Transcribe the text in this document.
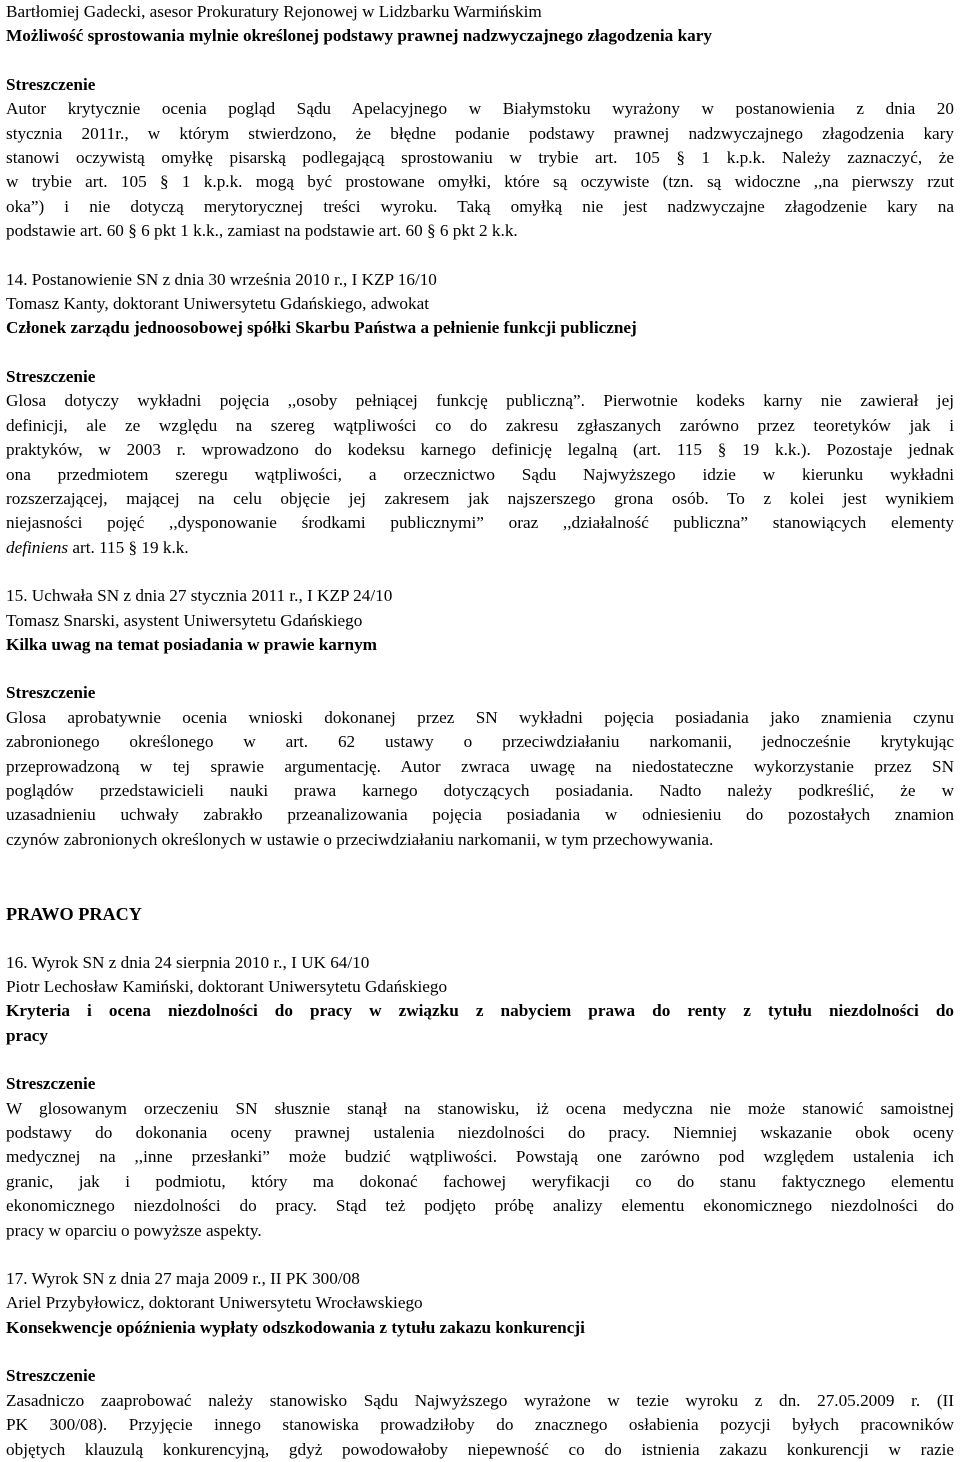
Bartłomiej Gadecki, asesor Prokuratury Rejonowej w Lidzbarku Warmińskim

Możliwość sprostowania mylnie określonej podstawy prawnej nadzwyczajnego złagodzenia kary

Streszczenie

Autor krytycznie ocenia pogląd Sądu Apelacyjnego w Białymstoku wyrażony w postanowienia z dnia 20

stycznia 2011r., w którym stwierdzono, że błędne podanie podstawy prawnej nadzwyczajnego złagodzenia kary

stanowi oczywistą omyłkę pisarską podlegającą sprostowaniu w trybie art. 105 § 1 k.p.k. Należy zaznaczyć, że

w trybie art. 105 § 1 k.p.k. mogą być prostowane omyłki, które są oczywiste (tzn. są widoczne ,,na pierwszy rzut

oka”) i nie dotyczą merytorycznej treści wyroku. Taką omyłką nie jest nadzwyczajne złagodzenie kary na

podstawie art. 60 § 6 pkt 1 k.k., zamiast na podstawie art. 60 § 6 pkt 2 k.k.

14. Postanowienie SN z dnia 30 września 2010 r., I KZP 16/10

Tomasz Kanty, doktorant Uniwersytetu Gdańskiego, adwokat

Członek zarządu jednoosobowej spółki Skarbu Państwa a pełnienie funkcji publicznej

Streszczenie

Glosa dotyczy wykładni pojęcia ,,osoby pełniącej funkcję publiczną”. Pierwotnie kodeks karny nie zawierał jej

definicji, ale ze względu na szereg wątpliwości co do zakresu zgłaszanych zarówno przez teoretyków jak i

praktyków, w 2003 r. wprowadzono do kodeksu karnego definicję legalną (art. 115 § 19 k.k.). Pozostaje jednak

ona przedmiotem szeregu wątpliwości, a orzecznictwo Sądu Najwyższego idzie w kierunku wykładni

rozszerzającej, mającej na celu objęcie jej zakresem jak najszerszego grona osób. To z kolei jest wynikiem

niejasności pojęć ,,dysponowanie środkami publicznymi” oraz ,,działalność publiczna” stanowiących elementy

definiens art. 115 § 19 k.k.

15. Uchwała SN z dnia 27 stycznia 2011 r., I KZP 24/10

Tomasz Snarski, asystent Uniwersytetu Gdańskiego

Kilka uwag na temat posiadania w prawie karnym

Streszczenie

Glosa aprobatywnie ocenia wnioski dokonanej przez SN wykładni pojęcia posiadania jako znamienia czynu

zabronionego określonego w art. 62 ustawy o przeciwdziałaniu narkomanii, jednocześnie krytykując

przeprowadzoną w tej sprawie argumentację. Autor zwraca uwagę na niedostateczne wykorzystanie przez SN

poglądów przedstawicieli nauki prawa karnego dotyczących posiadania. Nadto należy podkreślić, że w

uzasadnieniu uchwały zabrakło przeanalizowania pojęcia posiadania w odniesieniu do pozostałych znamion

czynów zabronionych określonych w ustawie o przeciwdziałaniu narkomanii, w tym przechowywania.

PRAWO PRACY

16. Wyrok SN z dnia 24 sierpnia 2010 r., I UK 64/10

Piotr Lechosław Kamiński, doktorant Uniwersytetu Gdańskiego

Kryteria i ocena niezdolności do pracy w związku z nabyciem prawa do renty z tytułu niezdolności do

pracy

Streszczenie

W glosowanym orzeczeniu SN słusznie stanął na stanowisku, iż ocena medyczna nie może stanowić samoistnej

podstawy do dokonania oceny prawnej ustalenia niezdolności do pracy. Niemniej wskazanie obok oceny

medycznej na ,,inne przesłanki” może budzić wątpliwości. Powstają one zarówno pod względem ustalenia ich

granic, jak i podmiotu, który ma dokonać fachowej weryfikacji co do stanu faktycznego elementu

ekonomicznego niezdolności do pracy. Stąd też podjęto próbę analizy elementu ekonomicznego niezdolności do

pracy w oparciu o powyższe aspekty.

17. Wyrok SN z dnia 27 maja 2009 r., II PK 300/08

Ariel Przybyłowicz, doktorant Uniwersytetu Wrocławskiego

Konsekwencje opóźnienia wypłaty odszkodowania z tytułu zakazu konkurencji

Streszczenie

Zasadniczo zaaprobować należy stanowisko Sądu Najwyższego wyrażone w tezie wyroku z dn. 27.05.2009 r. (II

PK 300/08). Przyjęcie innego stanowiska prowadziłoby do znacznego osłabienia pozycji byłych pracowników

objętych klauzulą konkurencyjną, gdyż powodowałoby niepewność co do istnienia zakazu konkurencji w razie
